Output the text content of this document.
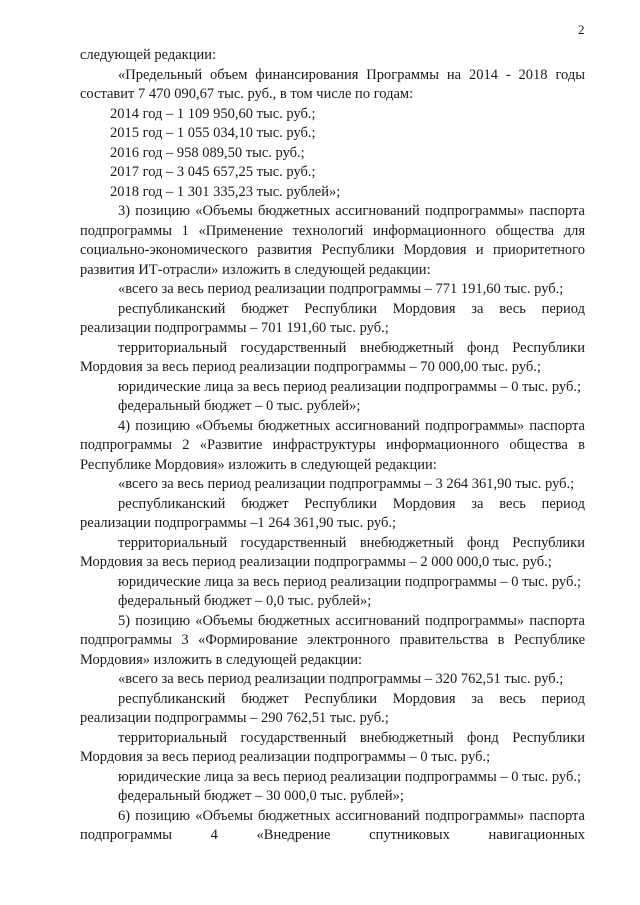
2

следующей редакции:

«Предельный объем финансирования Программы на 2014 - 2018 годы составит 7 470 090,67 тыс. руб., в том числе по годам:

2014 год – 1 109 950,60 тыс. руб.;

2015 год – 1 055 034,10 тыс. руб.;

2016 год – 958 089,50 тыс. руб.;

2017 год – 3 045 657,25 тыс. руб.;

2018 год – 1 301 335,23 тыс. рублей»;

3) позицию «Объемы бюджетных ассигнований подпрограммы» паспорта подпрограммы 1 «Применение технологий информационного общества для социально-экономического развития Республики Мордовия и приоритетного развития ИТ-отрасли» изложить в следующей редакции:

«всего за весь период реализации подпрограммы – 771 191,60 тыс. руб.;

республиканский бюджет Республики Мордовия за весь период реализации подпрограммы – 701 191,60 тыс. руб.;

территориальный государственный внебюджетный фонд Республики Мордовия за весь период реализации подпрограммы – 70 000,00 тыс. руб.;

юридические лица за весь период реализации подпрограммы – 0 тыс. руб.;

федеральный бюджет – 0 тыс. рублей»;

4) позицию «Объемы бюджетных ассигнований подпрограммы» паспорта подпрограммы 2 «Развитие инфраструктуры информационного общества в Республике Мордовия» изложить в следующей редакции:

«всего за весь период реализации подпрограммы – 3 264 361,90 тыс. руб.;

республиканский бюджет Республики Мордовия за весь период реализации подпрограммы –1 264 361,90 тыс. руб.;

территориальный государственный внебюджетный фонд Республики Мордовия за весь период реализации подпрограммы – 2 000 000,0 тыс. руб.;

юридические лица за весь период реализации подпрограммы – 0 тыс. руб.;

федеральный бюджет – 0,0 тыс. рублей»;

5) позицию «Объемы бюджетных ассигнований подпрограммы» паспорта подпрограммы 3 «Формирование электронного правительства в Республике Мордовия» изложить в следующей редакции:

«всего за весь период реализации подпрограммы – 320 762,51 тыс. руб.;

республиканский бюджет Республики Мордовия за весь период реализации подпрограммы – 290 762,51 тыс. руб.;

территориальный государственный внебюджетный фонд Республики Мордовия за весь период реализации подпрограммы – 0 тыс. руб.;

юридические лица за весь период реализации подпрограммы – 0 тыс. руб.;

федеральный бюджет – 30 000,0 тыс. рублей»;

6) позицию «Объемы бюджетных ассигнований подпрограммы» паспорта подпрограммы 4 «Внедрение спутниковых навигационных
